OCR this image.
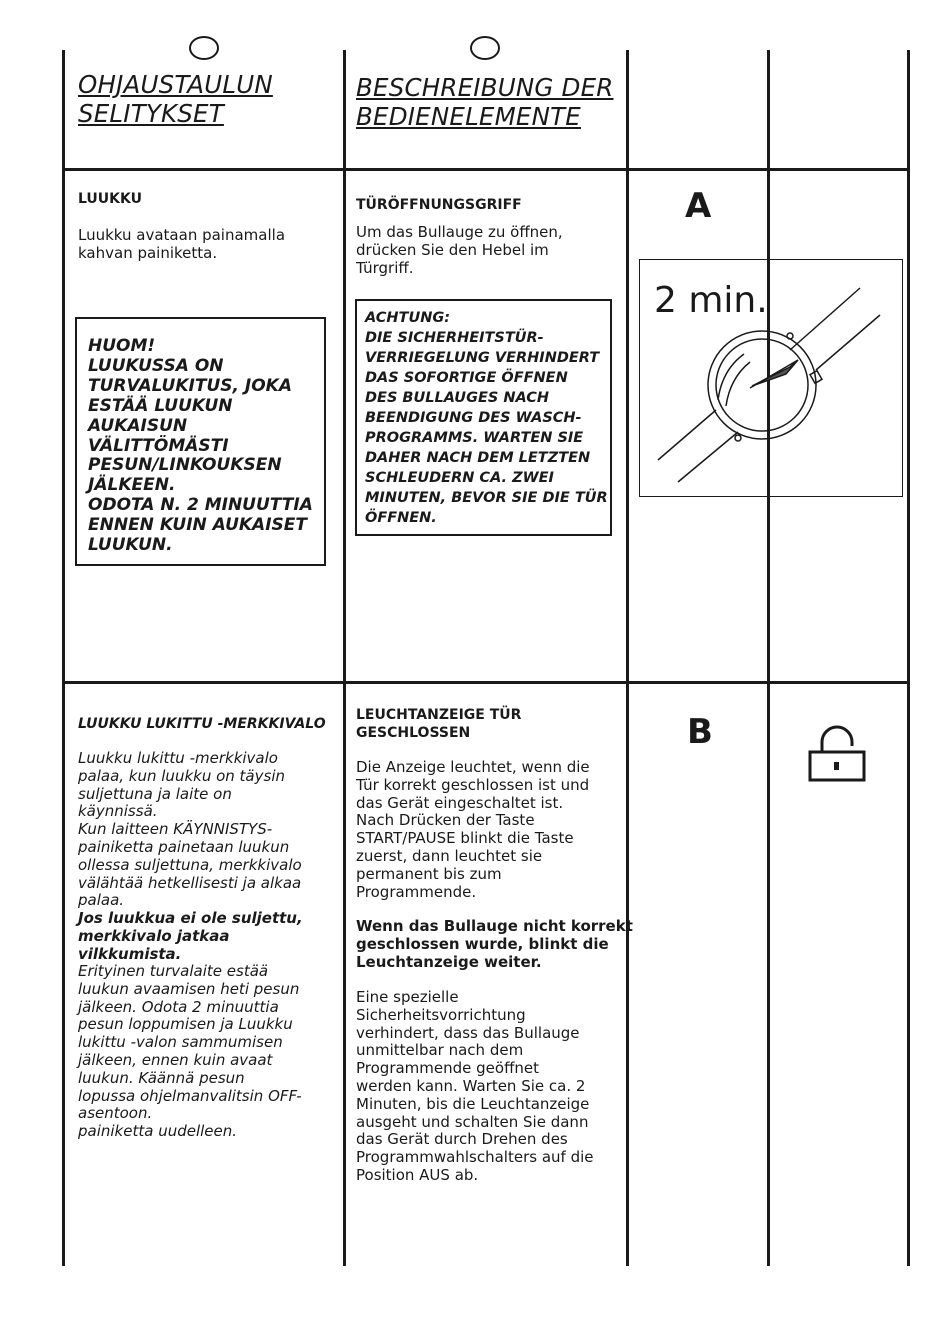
OHJAUSTAULUN
SELITYKSET
BESCHREIBUNG DER
BEDIENELEMENTE
LUUKKU
Luukku avataan painamalla
kahvan painiketta.
HUOM!
LUUKUSSA ON
TURVALUKITUS, JOKA
ESTÄÄ LUUKUN
AUKAISUN
VÄLITTÖMÄSTI
PESUN/LINKOUKSEN
JÄLKEEN.
ODOTA N. 2 MINUUTTIA
ENNEN KUIN AUKAISET
LUUKUN.
TÜRÖFFNUNGSGRIFF
Um das Bullauge zu öffnen,
drücken Sie den Hebel im
Türgriff.
ACHTUNG:
DIE SICHERHEITSTÜR-
VERRIEGELUNG VERHINDERT
DAS SOFORTIGE ÖFFNEN
DES BULLAUGES NACH
BEENDIGUNG DES WASCH-
PROGRAMMS. WARTEN SIE
DAHER NACH DEM LETZTEN
SCHLEUDERN CA. ZWEI
MINUTEN, BEVOR SIE DIE TÜR
ÖFFNEN.
A
2 min.
LUUKKU LUKITTU -MERKKIVALO
Luukku lukittu -merkkivalo
palaa, kun luukku on täysin
suljettuna ja laite on
käynnissä.
Kun laitteen KÄYNNISTYS-
painiketta painetaan luukun
ollessa suljettuna, merkkivalo
välähtää hetkellisesti ja alkaa
palaa.
Jos luukkua ei ole suljettu,
merkkivalo jatkaa
vilkkumista.
Erityinen turvalaite estää
luukun avaamisen heti pesun
jälkeen. Odota 2 minuuttia
pesun loppumisen ja Luukku
lukittu -valon sammumisen
jälkeen, ennen kuin avaat
luukun. Käännä pesun
lopussa ohjelmanvalitsin OFF-
asentoon.
painiketta uudelleen.
LEUCHTANZEIGE TÜR
GESCHLOSSEN
Die Anzeige leuchtet, wenn die
Tür korrekt geschlossen ist und
das Gerät eingeschaltet ist.
Nach Drücken der Taste
START/PAUSE blinkt die Taste
zuerst, dann leuchtet sie
permanent bis zum
Programmende.
Wenn das Bullauge nicht korrekt
geschlossen wurde, blinkt die
Leuchtanzeige weiter.
Eine spezielle
Sicherheitsvorrichtung
verhindert, dass das Bullauge
unmittelbar nach dem
Programmende geöffnet
werden kann. Warten Sie ca. 2
Minuten, bis die Leuchtanzeige
ausgeht und schalten Sie dann
das Gerät durch Drehen des
Programmwahlschalters auf die
Position AUS ab.
B
